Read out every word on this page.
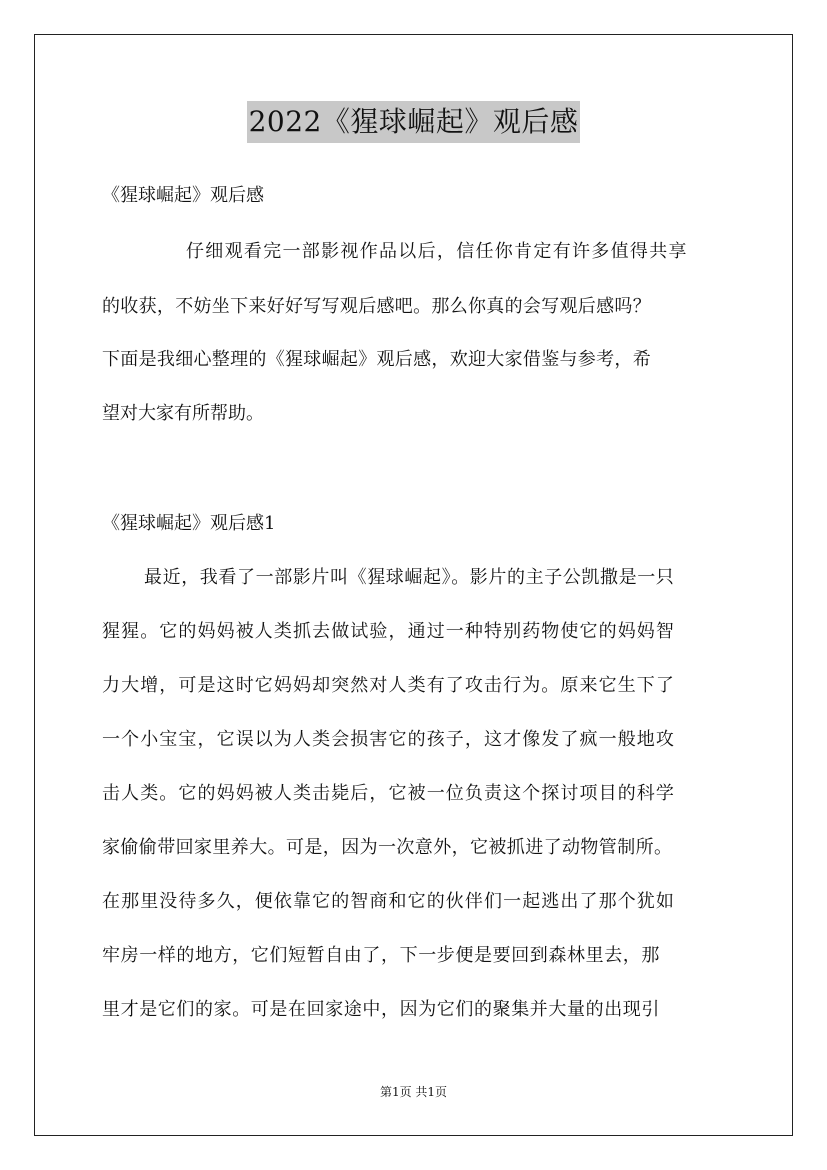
2022《猩球崛起》观后感
《猩球崛起》观后感
仔细观看完一部影视作品以后，信任你肯定有许多值得共享
的收获，不妨坐下来好好写写观后感吧。那么你真的会写观后感吗？
下面是我细心整理的《猩球崛起》观后感，欢迎大家借鉴与参考，希
望对大家有所帮助。
《猩球崛起》观后感1
最近，我看了一部影片叫《猩球崛起》。影片的主子公凯撒是一只
猩猩。它的妈妈被人类抓去做试验，通过一种特别药物使它的妈妈智
力大增，可是这时它妈妈却突然对人类有了攻击行为。原来它生下了
一个小宝宝，它误以为人类会损害它的孩子，这才像发了疯一般地攻
击人类。它的妈妈被人类击毙后，它被一位负责这个探讨项目的科学
家偷偷带回家里养大。可是，因为一次意外，它被抓进了动物管制所。
在那里没待多久，便依靠它的智商和它的伙伴们一起逃出了那个犹如
牢房一样的地方，它们短暂自由了，下一步便是要回到森林里去，那
里才是它们的家。可是在回家途中，因为它们的聚集并大量的出现引
第1页 共1页
